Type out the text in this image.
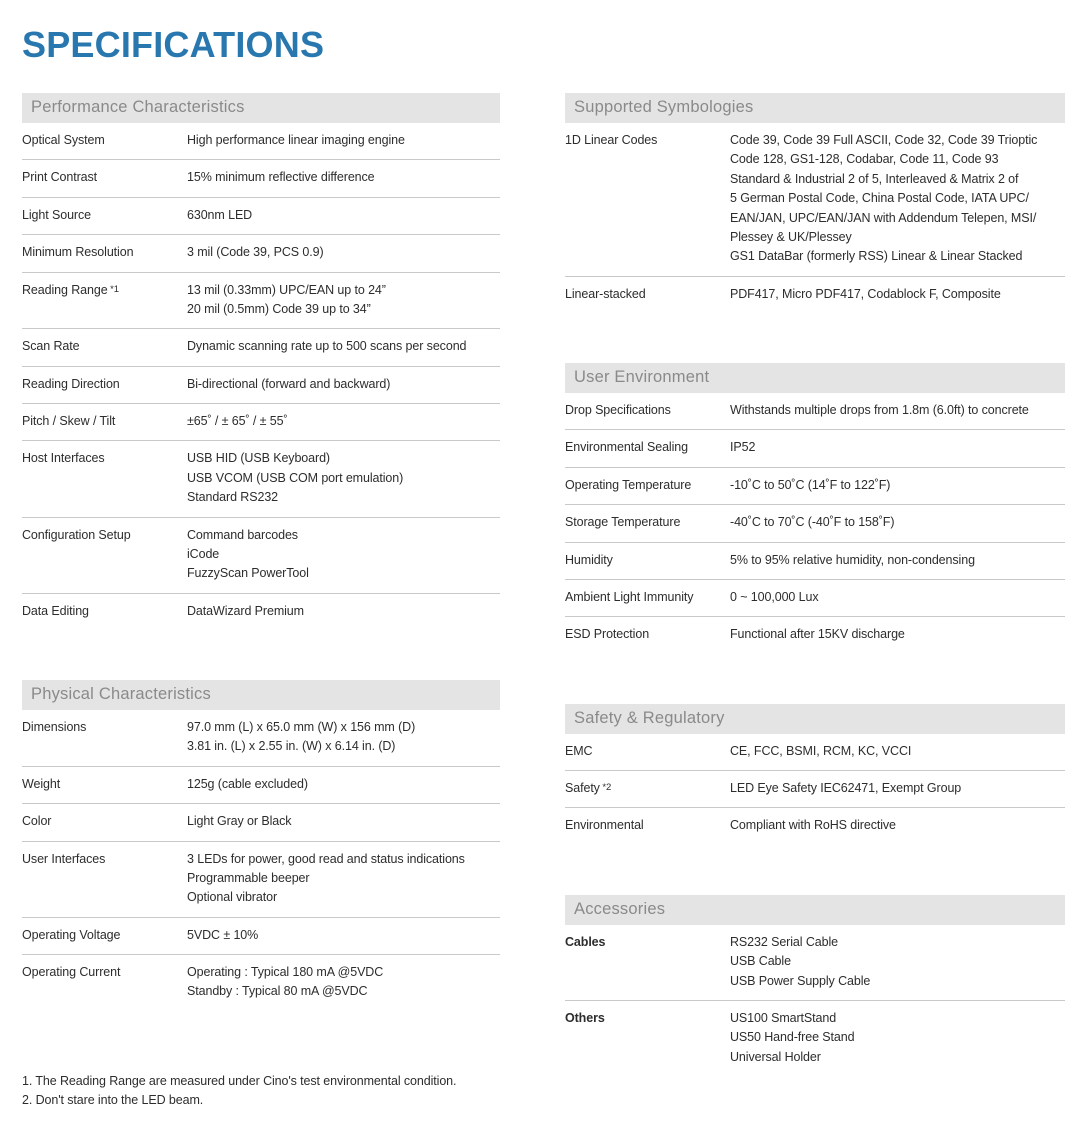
SPECIFICATIONS
Performance Characteristics
Optical System	High performance linear imaging engine
Print Contrast	15% minimum reflective difference
Light Source	630nm LED
Minimum Resolution	3 mil (Code 39, PCS 0.9)
Reading Range *1	13 mil (0.33mm) UPC/EAN up to 24”
20 mil (0.5mm) Code 39 up to 34”
Scan Rate	Dynamic scanning rate up to 500 scans per second
Reading Direction	Bi-directional (forward and backward)
Pitch / Skew / Tilt	±65˚ / ± 65˚ / ± 55˚
Host Interfaces	USB HID (USB Keyboard)
USB VCOM (USB COM port emulation)
Standard RS232
Configuration Setup	Command barcodes
iCode
FuzzyScan PowerTool
Data Editing	DataWizard Premium
Physical Characteristics
Dimensions	97.0 mm (L) x 65.0 mm (W) x 156 mm (D)
3.81 in. (L) x 2.55 in. (W) x 6.14 in. (D)
Weight	125g (cable excluded)
Color	Light Gray or Black
User Interfaces	3 LEDs for power, good read and status indications
Programmable beeper
Optional vibrator
Operating Voltage	5VDC ± 10%
Operating Current	Operating : Typical 180 mA @5VDC
Standby : Typical 80 mA @5VDC
Supported Symbologies
1D Linear Codes	Code 39, Code 39 Full ASCII, Code 32, Code 39 Trioptic
Code 128, GS1-128, Codabar, Code 11, Code 93
Standard & Industrial 2 of 5, Interleaved & Matrix 2 of
5 German Postal Code, China Postal Code, IATA UPC/
EAN/JAN, UPC/EAN/JAN with Addendum Telepen, MSI/
Plessey & UK/Plessey
GS1 DataBar (formerly RSS) Linear & Linear Stacked
Linear-stacked	PDF417, Micro PDF417, Codablock F, Composite
User Environment
Drop Specifications	Withstands multiple drops from 1.8m (6.0ft) to concrete
Environmental Sealing	IP52
Operating Temperature	-10˚C to 50˚C (14˚F to 122˚F)
Storage Temperature	-40˚C to 70˚C (-40˚F to 158˚F)
Humidity	5% to 95% relative humidity, non-condensing
Ambient Light Immunity	0 ~ 100,000 Lux
ESD Protection	Functional after 15KV discharge
Safety & Regulatory
EMC	CE, FCC, BSMI, RCM, KC, VCCI
Safety *2	LED Eye Safety IEC62471, Exempt Group
Environmental	Compliant with RoHS directive
Accessories
Cables	RS232 Serial Cable
USB Cable
USB Power Supply Cable
Others	US100 SmartStand
US50 Hand-free Stand
Universal Holder
1. The Reading Range are measured under Cino's test environmental condition.
2. Don't stare into the LED beam.
